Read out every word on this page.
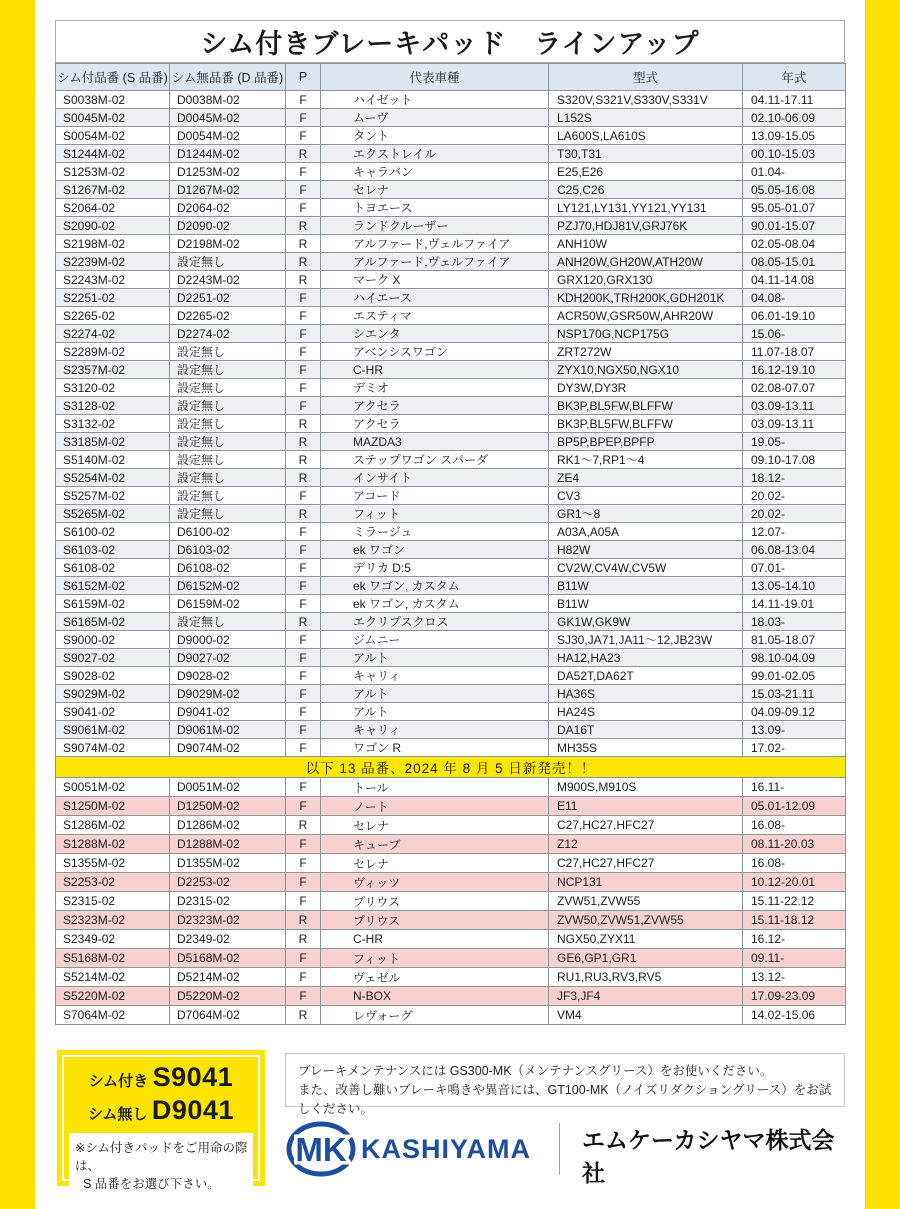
シム付きブレーキパッド　ラインアップ
シム付品番 (S 品番)	シム無品番 (D 品番)	P	代表車種	型式	年式
S0038M-02	D0038M-02	F	ハイゼット	S320V,S321V,S330V,S331V	04.11-17.11
S0045M-02	D0045M-02	F	ムーヴ	L152S	02.10-06.09
S0054M-02	D0054M-02	F	タント	LA600S,LA610S	13.09-15.05
S1244M-02	D1244M-02	R	エクストレイル	T30,T31	00.10-15.03
S1253M-02	D1253M-02	F	キャラバン	E25,E26	01.04-
S1267M-02	D1267M-02	F	セレナ	C25,C26	05.05-16.08
S2064-02	D2064-02	F	トヨエース	LY121,LY131,YY121,YY131	95.05-01.07
S2090-02	D2090-02	R	ランドクルーザー	PZJ70,HDJ81V,GRJ76K	90.01-15.07
S2198M-02	D2198M-02	R	アルファード,ヴェルファイア	ANH10W	02.05-08.04
S2239M-02	設定無し	R	アルファード,ヴェルファイア	ANH20W,GH20W,ATH20W	08.05-15.01
S2243M-02	D2243M-02	R	マーク X	GRX120,GRX130	04.11-14.08
S2251-02	D2251-02	F	ハイエース	KDH200K,TRH200K,GDH201K	04.08-
S2265-02	D2265-02	F	エスティマ	ACR50W,GSR50W,AHR20W	06.01-19.10
S2274-02	D2274-02	F	シエンタ	NSP170G,NCP175G	15.06-
S2289M-02	設定無し	F	アベンシスワゴン	ZRT272W	11.07-18.07
S2357M-02	設定無し	F	C-HR	ZYX10,NGX50,NGX10	16.12-19.10
S3120-02	設定無し	F	デミオ	DY3W,DY3R	02.08-07.07
S3128-02	設定無し	F	アクセラ	BK3P,BL5FW,BLFFW	03.09-13.11
S3132-02	設定無し	R	アクセラ	BK3P,BL5FW,BLFFW	03.09-13.11
S3185M-02	設定無し	R	MAZDA3	BP5P,BPEP,BPFP	19.05-
S5140M-02	設定無し	R	ステップワゴン スパーダ	RK1～7,RP1～4	09.10-17.08
S5254M-02	設定無し	R	インサイト	ZE4	18.12-
S5257M-02	設定無し	F	アコード	CV3	20.02-
S5265M-02	設定無し	R	フィット	GR1～8	20.02-
S6100-02	D6100-02	F	ミラージュ	A03A,A05A	12.07-
S6103-02	D6103-02	F	ek ワゴン	H82W	06.08-13.04
S6108-02	D6108-02	F	デリカ D:5	CV2W,CV4W,CV5W	07.01-
S6152M-02	D6152M-02	F	ek ワゴン, カスタム	B11W	13.05-14.10
S6159M-02	D6159M-02	F	ek ワゴン, カスタム	B11W	14.11-19.01
S6165M-02	設定無し	R	エクリプスクロス	GK1W,GK9W	18.03-
S9000-02	D9000-02	F	ジムニー	SJ30,JA71,JA11～12,JB23W	81.05-18.07
S9027-02	D9027-02	F	アルト	HA12,HA23	98.10-04.09
S9028-02	D9028-02	F	キャリィ	DA52T,DA62T	99.01-02.05
S9029M-02	D9029M-02	F	アルト	HA36S	15.03-21.11
S9041-02	D9041-02	F	アルト	HA24S	04.09-09.12
S9061M-02	D9061M-02	F	キャリィ	DA16T	13.09-
S9074M-02	D9074M-02	F	ワゴン R	MH35S	17.02-
以下 13 品番、2024 年 8 月 5 日新発売！！					
S0051M-02	D0051M-02	F	トール	M900S,M910S	16.11-
S1250M-02	D1250M-02	F	ノート	E11	05.01-12.09
S1286M-02	D1286M-02	R	セレナ	C27,HC27,HFC27	16.08-
S1288M-02	D1288M-02	F	キューブ	Z12	08.11-20.03
S1355M-02	D1355M-02	F	セレナ	C27,HC27,HFC27	16.08-
S2253-02	D2253-02	F	ヴィッツ	NCP131	10.12-20.01
S2315-02	D2315-02	F	プリウス	ZVW51,ZVW55	15.11-22.12
S2323M-02	D2323M-02	R	プリウス	ZVW50,ZVW51,ZVW55	15.11-18.12
S2349-02	D2349-02	R	C-HR	NGX50,ZYX11	16.12-
S5168M-02	D5168M-02	F	フィット	GE6,GP1,GR1	09.11-
S5214M-02	D5214M-02	F	ヴェゼル	RU1,RU3,RV3,RV5	13.12-
S5220M-02	D5220M-02	F	N-BOX	JF3,JF4	17.09-23.09
S7064M-02	D7064M-02	R	レヴォーグ	VM4	14.02-15.06
シム付き S9041
シム無し D9041
※シム付きパッドをご用命の際は、
S 品番をお選び下さい。
ブレーキメンテナンスには GS300-MK（メンテナンスグリース）をお使いください。
また、改善し難いブレーキ鳴きや異音には、GT100-MK（ノイズリダクショングリース）をお試しください。
MK KASHIYAMA エムケーカシヤマ株式会社
